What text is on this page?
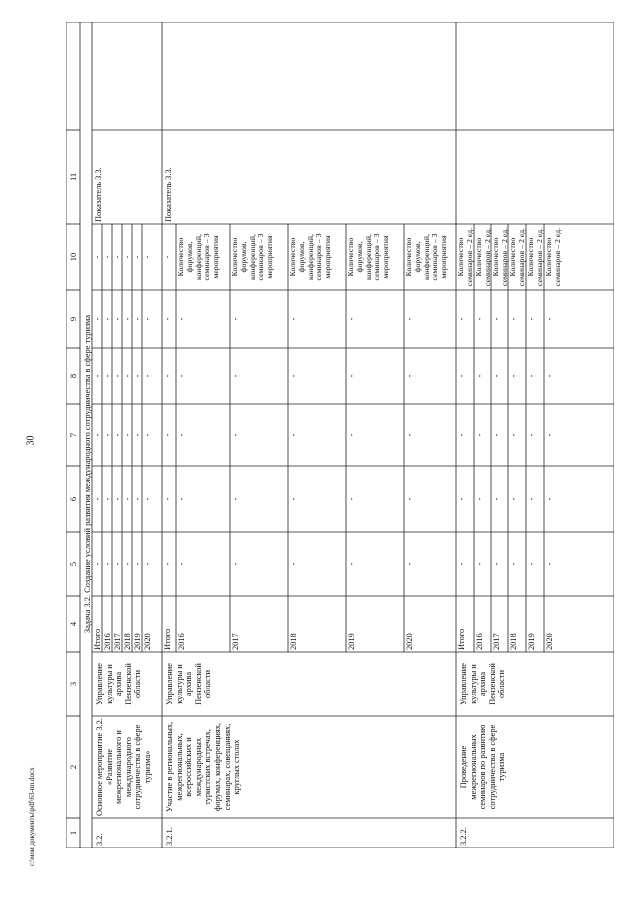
1
2
3
4
5
6
7
8
9
10
11
Задача 3.2. Создание условий развития международного сотрудничества в сфере туризма
3.2.
Основное мероприятие 3.2. «Развитие межрегионального и международного сотрудничества в сфере туризма»
Управление культуры и архива Пензенской области
Итого
-
-
-
-
-
-
2016
-
-
-
-
-
-
2017
-
-
-
-
-
-
2018
-
-
-
-
-
-
2019
-
-
-
-
-
-
2020
-
-
-
-
-
-
3.2.1.
Участие в региональных, межрегиональных, всероссийских и международных туристских встречах, форумах, конференциях, семинарах, совещаниях, круглых столах
Управление культуры и архива Пензенской области
Итого
-
-
-
-
-
-
2016
-
-
-
-
-
Количество форумов, конференций, семинаров – 3 мероприятия
2017
-
-
-
-
-
Количество форумов, конференций, семинаров – 3 мероприятия
2018
-
-
-
-
-
Количество форумов, конференций, семинаров – 3 мероприятия
2019
-
-
-
-
-
Количество форумов, конференций, семинаров – 3 мероприятия
2020
-
-
-
-
-
Количество форумов, конференций, семинаров – 3 мероприятия
3.2.2.
Проведение межрегиональных семинаров по развитию сотрудничества в сфере туризма
Управление культуры и архива Пензенской области
Итого
-
-
-
-
-
Количество семинаров – 2 ед.
2016
-
-
-
-
-
Количество семинаров – 2 ед.
2017
-
-
-
-
-
Количество семинаров – 2 ед.
2018
-
-
-
-
-
Количество семинаров – 2 ед.
2019
-
-
-
-
-
Количество семинаров – 2 ед.
2020
-
-
-
-
-
Количество семинаров – 2 ед.
Показатель 3.3.	Показатель 3.3.
30
c:\мои документы\pdf\63-пп.docx
